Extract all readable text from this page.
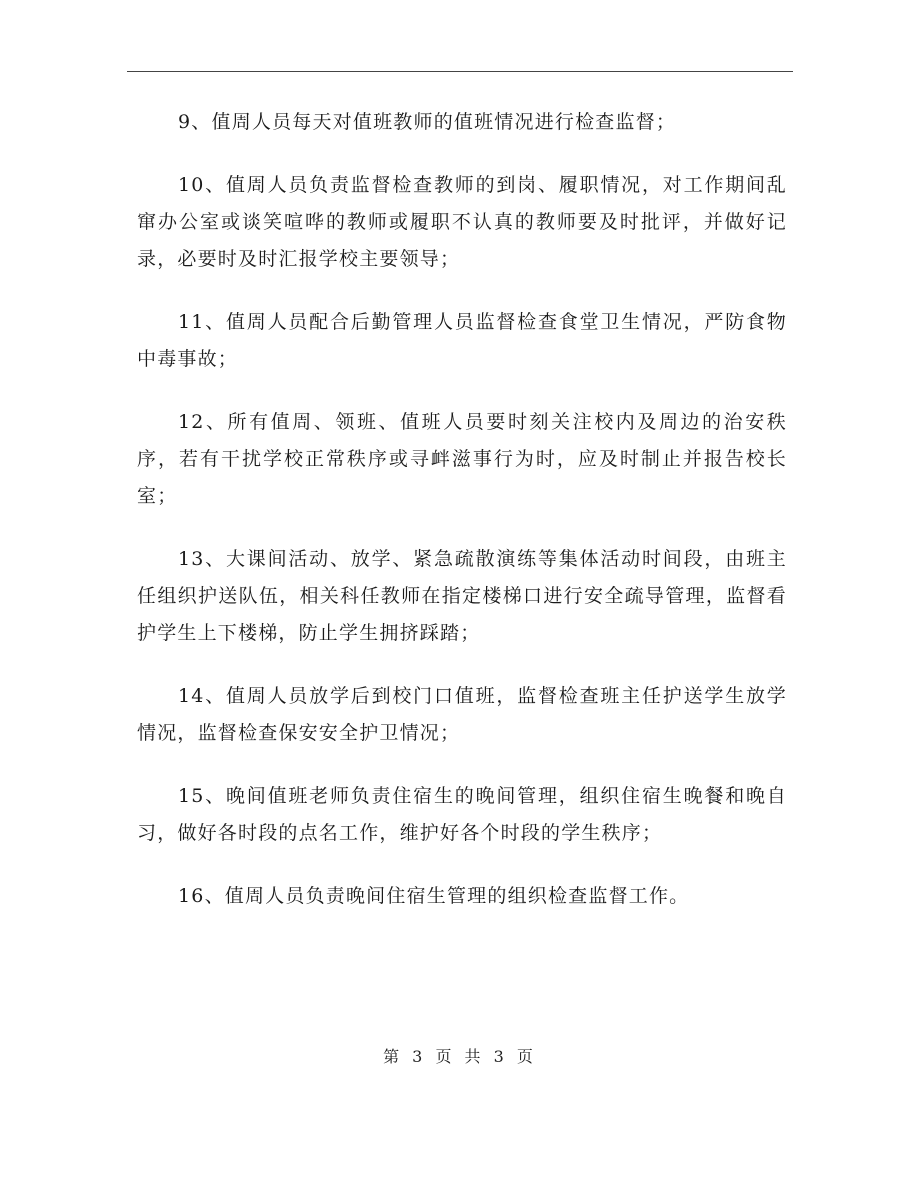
9、值周人员每天对值班教师的值班情况进行检查监督；

10、值周人员负责监督检查教师的到岗、履职情况，对工作期间乱窜办公室或谈笑喧哗的教师或履职不认真的教师要及时批评，并做好记录，必要时及时汇报学校主要领导；

11、值周人员配合后勤管理人员监督检查食堂卫生情况，严防食物中毒事故；

12、所有值周、领班、值班人员要时刻关注校内及周边的治安秩序，若有干扰学校正常秩序或寻衅滋事行为时，应及时制止并报告校长室；

13、大课间活动、放学、紧急疏散演练等集体活动时间段，由班主任组织护送队伍，相关科任教师在指定楼梯口进行安全疏导管理，监督看护学生上下楼梯，防止学生拥挤踩踏；

14、值周人员放学后到校门口值班，监督检查班主任护送学生放学情况，监督检查保安安全护卫情况；

15、晚间值班老师负责住宿生的晚间管理，组织住宿生晚餐和晚自习，做好各时段的点名工作，维护好各个时段的学生秩序；

16、值周人员负责晚间住宿生管理的组织检查监督工作。

第 3 页 共 3 页
